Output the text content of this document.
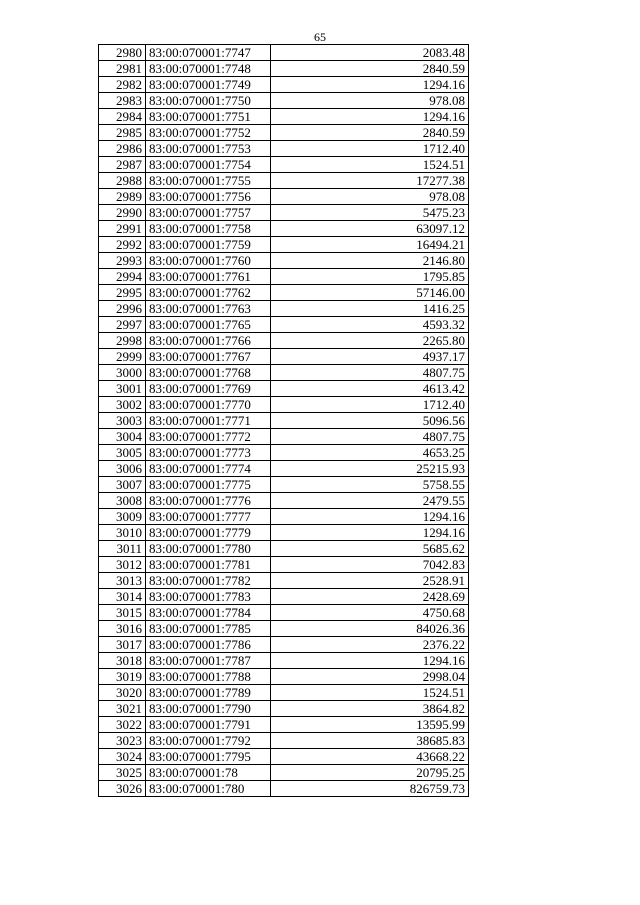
65
2980	83:00:070001:7747	2083.48
2981	83:00:070001:7748	2840.59
2982	83:00:070001:7749	1294.16
2983	83:00:070001:7750	978.08
2984	83:00:070001:7751	1294.16
2985	83:00:070001:7752	2840.59
2986	83:00:070001:7753	1712.40
2987	83:00:070001:7754	1524.51
2988	83:00:070001:7755	17277.38
2989	83:00:070001:7756	978.08
2990	83:00:070001:7757	5475.23
2991	83:00:070001:7758	63097.12
2992	83:00:070001:7759	16494.21
2993	83:00:070001:7760	2146.80
2994	83:00:070001:7761	1795.85
2995	83:00:070001:7762	57146.00
2996	83:00:070001:7763	1416.25
2997	83:00:070001:7765	4593.32
2998	83:00:070001:7766	2265.80
2999	83:00:070001:7767	4937.17
3000	83:00:070001:7768	4807.75
3001	83:00:070001:7769	4613.42
3002	83:00:070001:7770	1712.40
3003	83:00:070001:7771	5096.56
3004	83:00:070001:7772	4807.75
3005	83:00:070001:7773	4653.25
3006	83:00:070001:7774	25215.93
3007	83:00:070001:7775	5758.55
3008	83:00:070001:7776	2479.55
3009	83:00:070001:7777	1294.16
3010	83:00:070001:7779	1294.16
3011	83:00:070001:7780	5685.62
3012	83:00:070001:7781	7042.83
3013	83:00:070001:7782	2528.91
3014	83:00:070001:7783	2428.69
3015	83:00:070001:7784	4750.68
3016	83:00:070001:7785	84026.36
3017	83:00:070001:7786	2376.22
3018	83:00:070001:7787	1294.16
3019	83:00:070001:7788	2998.04
3020	83:00:070001:7789	1524.51
3021	83:00:070001:7790	3864.82
3022	83:00:070001:7791	13595.99
3023	83:00:070001:7792	38685.83
3024	83:00:070001:7795	43668.22
3025	83:00:070001:78	20795.25
3026	83:00:070001:780	826759.73
